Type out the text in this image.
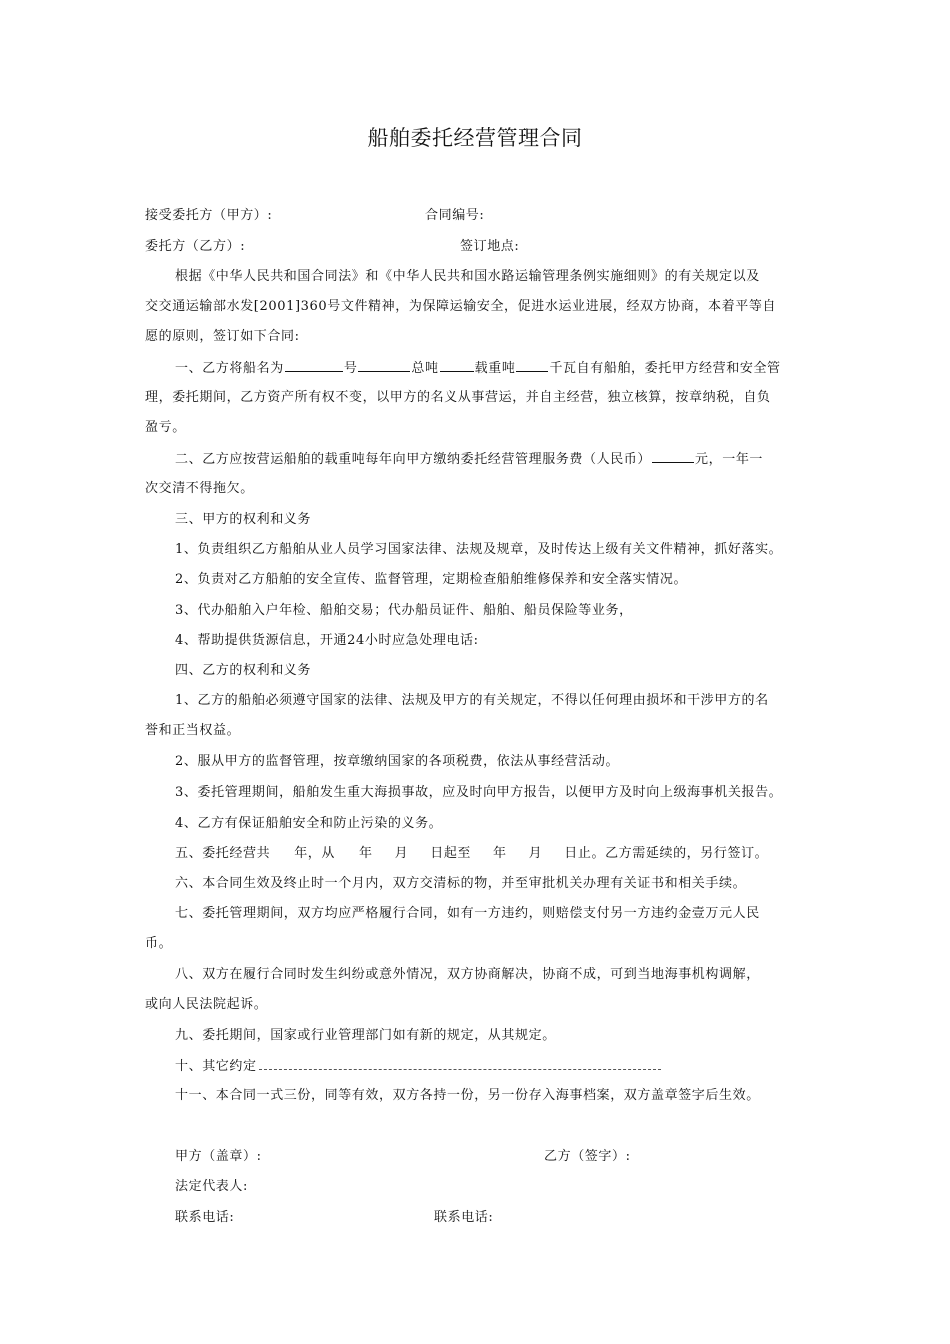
船舶委托经营管理合同
接受委托方（甲方）:	合同编号:
委托方（乙方）:	签订地点:
根据《中华人民共和国合同法》和《中华人民共和国水路运输管理条例实施细则》的有关规定以及
交交通运输部水发[2001]360号文件精神，为保障运输安全，促进水运业进展，经双方协商，本着平等自
愿的原则，签订如下合同:
一、乙方将船名为	号	总吨	载重吨	千瓦自有船舶，委托甲方经营和安全管
理，委托期间，乙方资产所有权不变，以甲方的名义从事营运，并自主经营，独立核算，按章纳税，自负
盈亏。
二、乙方应按营运船舶的载重吨每年向甲方缴纳委托经营管理服务费（人民币）	元，一年一
次交清不得拖欠。
三、甲方的权利和义务
1、负责组织乙方船舶从业人员学习国家法律、法规及规章，及时传达上级有关文件精神，抓好落实。
2、负责对乙方船舶的安全宣传、监督管理，定期检查船舶维修保养和安全落实情况。
3、代办船舶入户年检、船舶交易；代办船员证件、船舶、船员保险等业务，
4、帮助提供货源信息，开通24小时应急处理电话:
四、乙方的权利和义务
1、乙方的船舶必须遵守国家的法律、法规及甲方的有关规定，不得以任何理由损坏和干涉甲方的名
誉和正当权益。
2、服从甲方的监督管理，按章缴纳国家的各项税费，依法从事经营活动。
3、委托管理期间，船舶发生重大海损事故，应及时向甲方报告，以便甲方及时向上级海事机关报告。
4、乙方有保证船舶安全和防止污染的义务。
五、委托经营共 年，从 年 月 日起至 年 月 日止。乙方需延续的，另行签订。
六、本合同生效及终止时一个月内，双方交清标的物，并至审批机关办理有关证书和相关手续。
七、委托管理期间，双方均应严格履行合同，如有一方违约，则赔偿支付另一方违约金壹万元人民
币。
八、双方在履行合同时发生纠纷或意外情况，双方协商解决，协商不成，可到当地海事机构调解，
或向人民法院起诉。
九、委托期间，国家或行业管理部门如有新的规定，从其规定。
十、其它约定
十一、本合同一式三份，同等有效，双方各持一份，另一份存入海事档案，双方盖章签字后生效。
甲方（盖章）:	乙方（签字）:
法定代表人:
联系电话:	联系电话:
